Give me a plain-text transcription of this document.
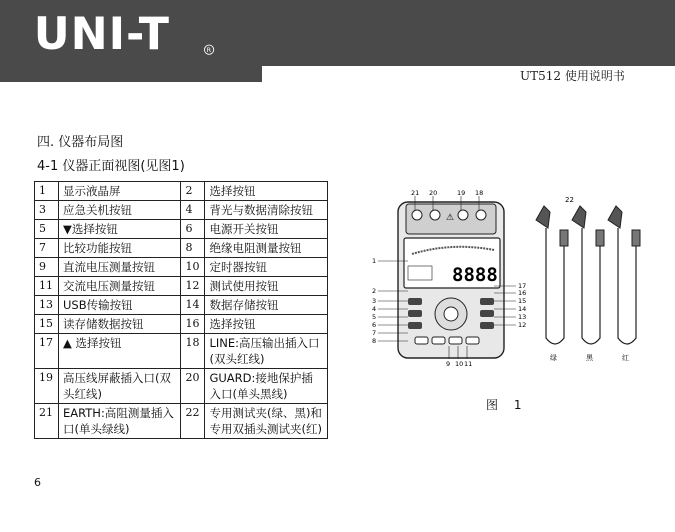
UNI-T	R
UT512 使用说明书
四. 仪器布局图
4-1 仪器正面视图(见图1)
1	显示液晶屏	2	选择按钮
3	应急关机按钮	4	背光与数据清除按钮
5	▼选择按钮	6	电源开关按钮
7	比较功能按钮	8	绝缘电阻测量按钮
9	直流电压测量按钮	10	定时器按钮
11	交流电压测量按钮	12	测试使用按钮
13	USB传输按钮	14	数据存储按钮
15	读存储数据按钮	16	选择按钮
17	▲ 选择按钮	18	LINE:高压输出插入口(双头红线)
19	高压线屏蔽插入口(双头红线)	20	GUARD:接地保护插入口(单头黑线)
21	EARTH:高阻测量插入口(单头绿线)	22	专用测试夹(绿、黑)和专用双插头测试夹(红)
⚠
8888
21 20	19 18
1
2
3
4
5
6
7
8
17
16
15
14
13
12
9 10 11
绿	黑	红
22
图 1
6
